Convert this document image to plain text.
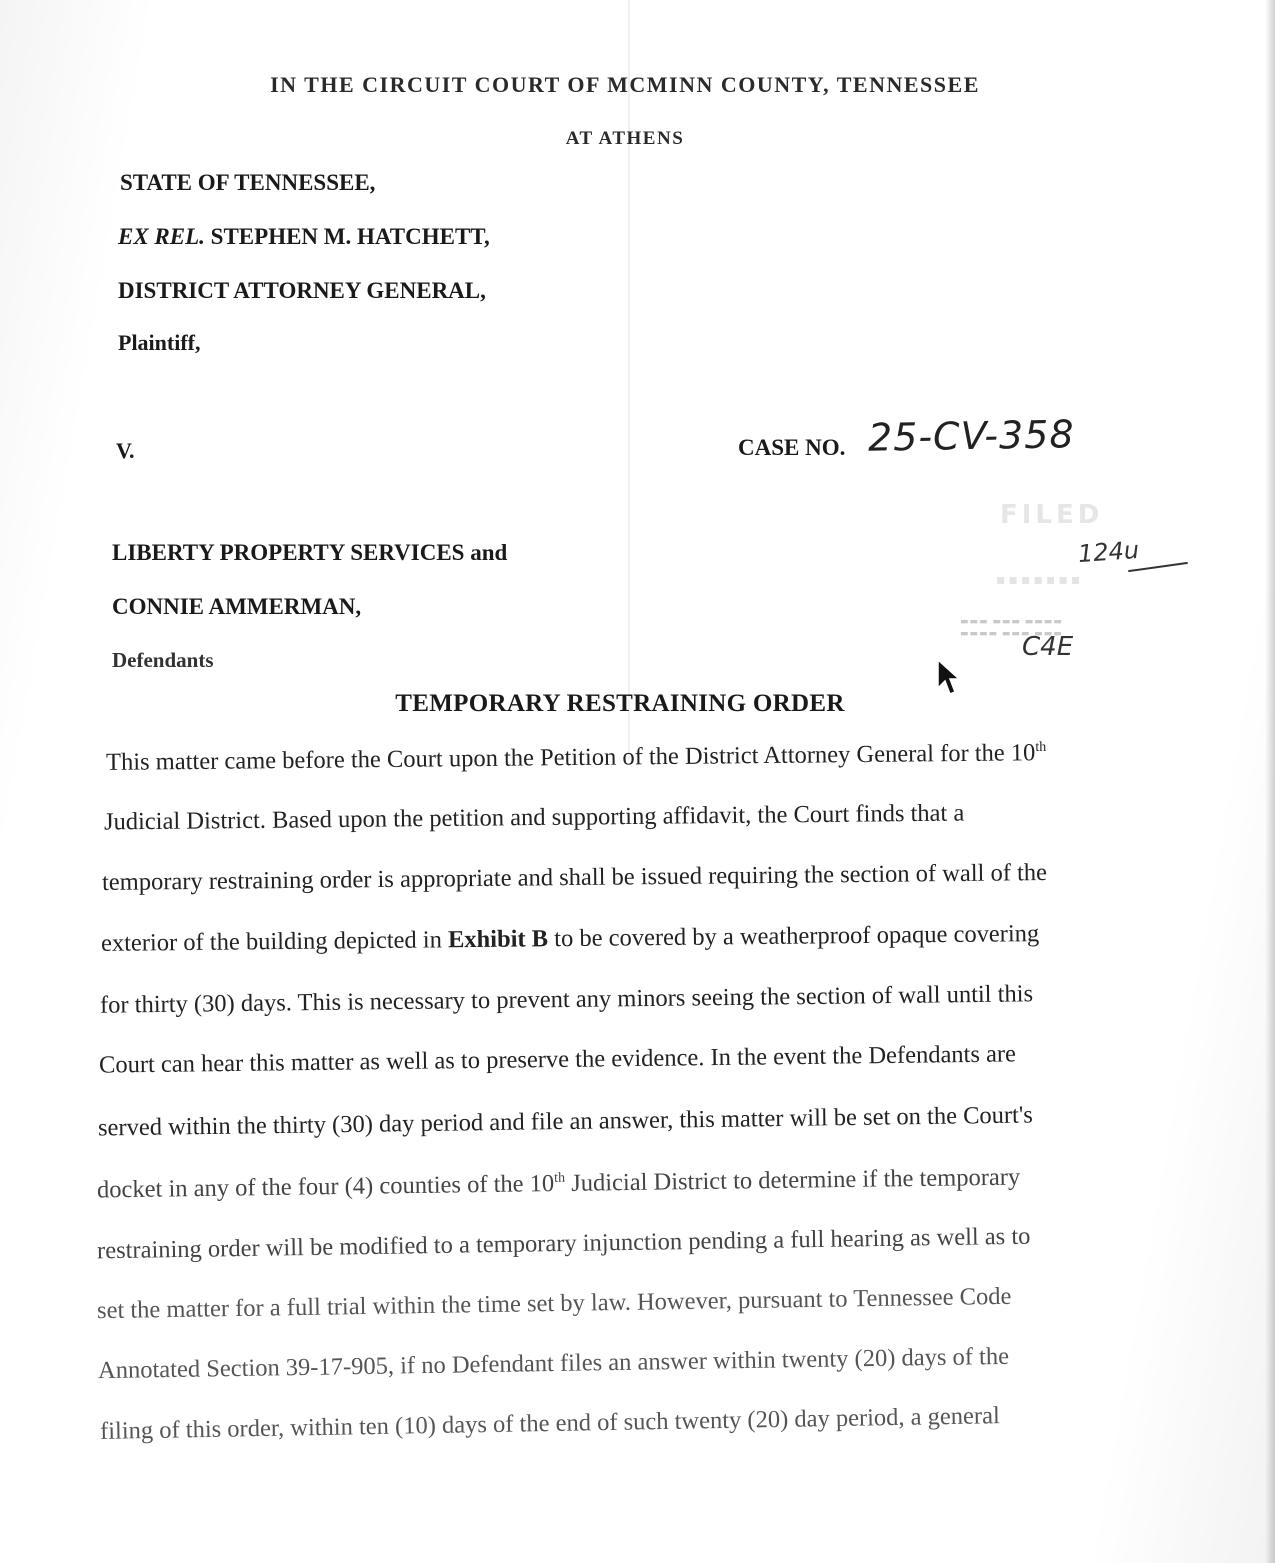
IN THE CIRCUIT COURT OF MCMINN COUNTY, TENNESSEE
AT ATHENS
STATE OF TENNESSEE,
EX REL. STEPHEN M. HATCHETT,
DISTRICT ATTORNEY GENERAL,
Plaintiff,
V.	CASE NO. 25-CV-358
FILED
124u
▪▪▪▪▪▪▪
▬▬▬ ▬▬▬ ▬▬▬▬
▬▬▬▬ ▬▬▬ ▬▬▬
C4E
LIBERTY PROPERTY SERVICES and
CONNIE AMMERMAN,
Defendants
TEMPORARY RESTRAINING ORDER
This matter came before the Court upon the Petition of the District Attorney General for the 10th
Judicial District. Based upon the petition and supporting affidavit, the Court finds that a
temporary restraining order is appropriate and shall be issued requiring the section of wall of the
exterior of the building depicted in Exhibit B to be covered by a weatherproof opaque covering
for thirty (30) days. This is necessary to prevent any minors seeing the section of wall until this
Court can hear this matter as well as to preserve the evidence. In the event the Defendants are
served within the thirty (30) day period and file an answer, this matter will be set on the Court's
docket in any of the four (4) counties of the 10th Judicial District to determine if the temporary
restraining order will be modified to a temporary injunction pending a full hearing as well as to
set the matter for a full trial within the time set by law. However, pursuant to Tennessee Code
Annotated Section 39-17-905, if no Defendant files an answer within twenty (20) days of the
filing of this order, within ten (10) days of the end of such twenty (20) day period, a general
